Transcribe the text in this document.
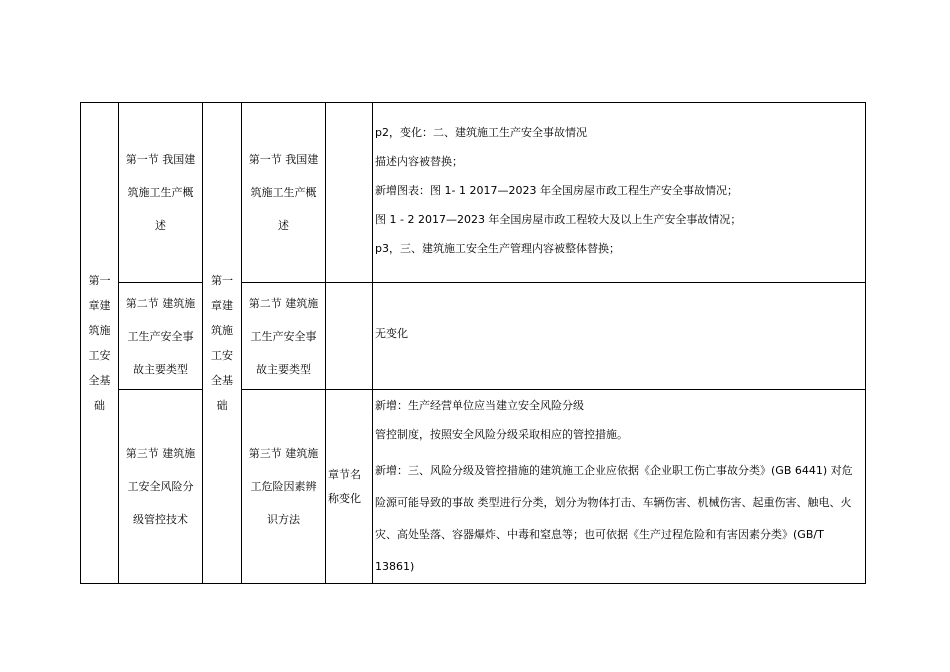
第一章建筑施工安全基础	第一节 我国建筑施工生产概述	第一章建筑施工安全基础	第一节 我国建筑施工生产概述		p2，变化：二、建筑施工生产安全事故情况
描述内容被替换；
新增图表：图 1- 1 2017—2023 年全国房屋市政工程生产安全事故情况；
图 1 - 2 2017—2023 年全国房屋市政工程较大及以上生产安全事故情况；
p3，三、建筑施工安全生产管理内容被整体替换；

	第二节 建筑施工生产安全事故主要类型		第二节 建筑施工生产安全事故主要类型		无变化

	第三节 建筑施工安全风险分级管控技术		第三节 建筑施工危险因素辨识方法	章节名称变化	新增：生产经营单位应当建立安全风险分级
管控制度，按照安全风险分级采取相应的管控措施。
新增：三、风险分级及管控措施的建筑施工企业应依据《企业职工伤亡事故分类》(GB 6441) 对危险源可能导致的事故 类型进行分类，划分为物体打击、车辆伤害、机械伤害、起重伤害、触电、火灾、高处坠落、容器爆炸、中毒和窒息等；也可依据《生产过程危险和有害因素分类》(GB/T 13861)
